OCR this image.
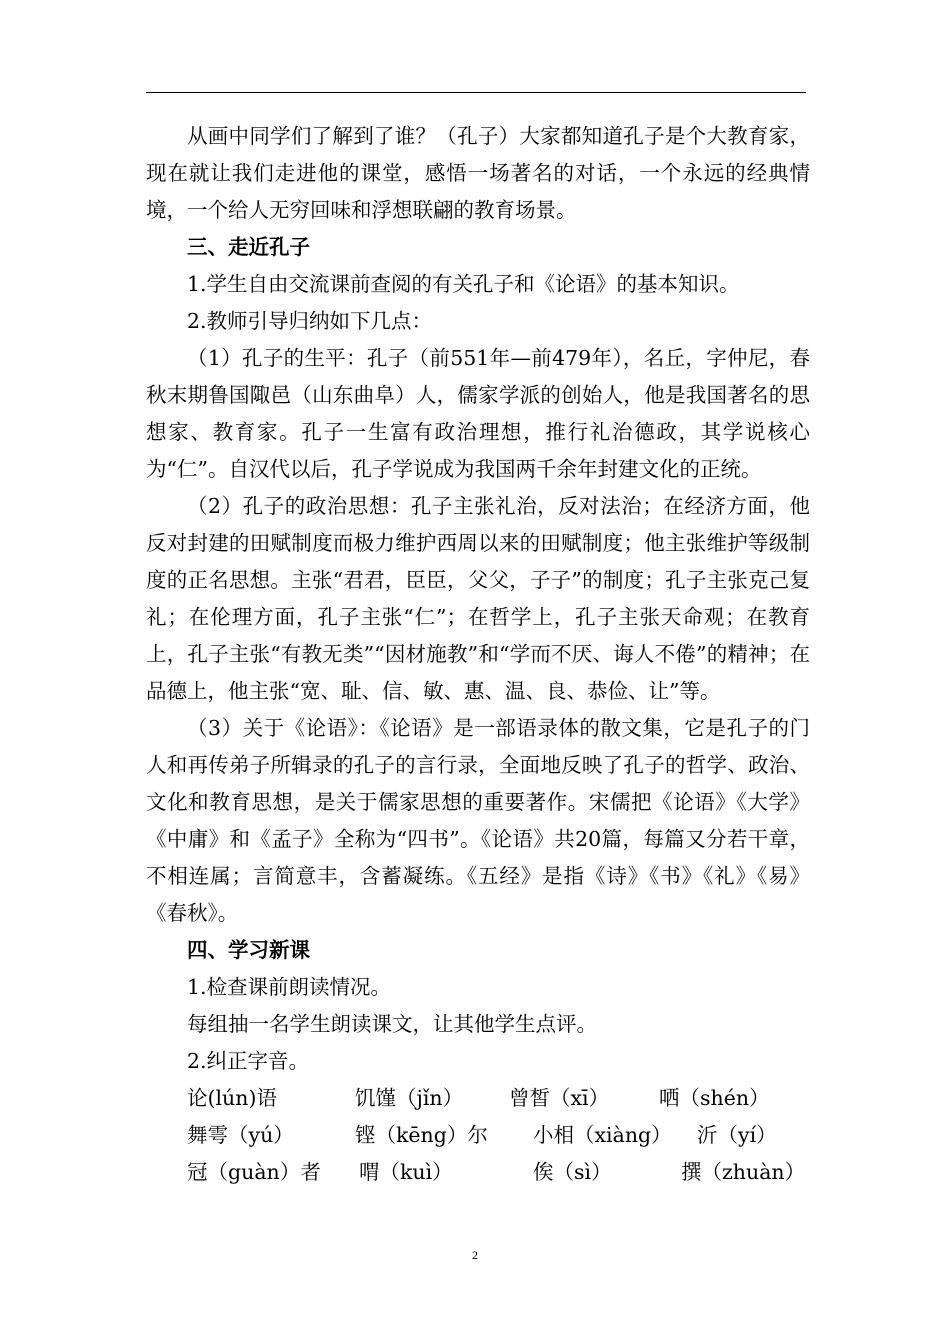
从画中同学们了解到了谁？（孔子）大家都知道孔子是个大教育家，现在就让我们走进他的课堂，感悟一场著名的对话，一个永远的经典情境，一个给人无穷回味和浮想联翩的教育场景。

三、走近孔子

1.学生自由交流课前查阅的有关孔子和《论语》的基本知识。

2.教师引导归纳如下几点：

（1）孔子的生平：孔子（前551年—前479年），名丘，字仲尼，春秋末期鲁国陬邑（山东曲阜）人，儒家学派的创始人，他是我国著名的思想家、教育家。孔子一生富有政治理想，推行礼治德政，其学说核心为“仁”。自汉代以后，孔子学说成为我国两千余年封建文化的正统。

（2）孔子的政治思想：孔子主张礼治，反对法治；在经济方面，他反对封建的田赋制度而极力维护西周以来的田赋制度；他主张维护等级制度的正名思想。主张“君君，臣臣，父父，子子”的制度；孔子主张克己复礼；在伦理方面，孔子主张“仁”；在哲学上，孔子主张天命观；在教育上，孔子主张“有教无类”“因材施教”和“学而不厌、诲人不倦”的精神；在品德上，他主张“宽、耻、信、敏、惠、温、良、恭俭、让”等。

（3）关于《论语》：《论语》是一部语录体的散文集，它是孔子的门人和再传弟子所辑录的孔子的言行录，全面地反映了孔子的哲学、政治、文化和教育思想，是关于儒家思想的重要著作。宋儒把《论语》《大学》《中庸》和《孟子》全称为“四书”。《论语》共20篇，每篇又分若干章，不相连属；言简意丰，含蓄凝练。《五经》是指《诗》《书》《礼》《易》《春秋》。

四、学习新课

1.检查课前朗读情况。

每组抽一名学生朗读课文，让其他学生点评。

2.纠正字音。

论(lún)语	饥馑（jǐn） 曾皙（xī） 哂（shén）

舞雩（yú）	铿（kēng）尔 小相（xiàng） 沂（yí）

冠（guàn）者 喟（kuì）	俟（sì）	撰（zhuàn）

2
